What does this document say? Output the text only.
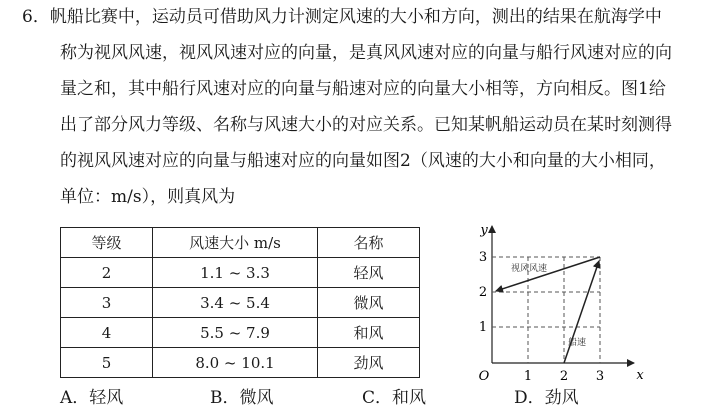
6．帆船比赛中，运动员可借助风力计测定风速的大小和方向，测出的结果在航海学中
称为视风风速，视风风速对应的向量，是真风风速对应的向量与船行风速对应的向
量之和，其中船行风速对应的向量与船速对应的向量大小相等，方向相反。图1给
出了部分风力等级、名称与风速大小的对应关系。已知某帆船运动员在某时刻测得
的视风风速对应的向量与船速对应的向量如图2（风速的大小和向量的大小相同，
单位：m/s），则真风为
等级	风速大小 m/s	名称
2	1.1 ~ 3.3	轻风
3	3.4 ~ 5.4	微风
4	5.5 ~ 7.9	和风
5	8.0 ~ 10.1	劲风
y
x
O	1 2 3
1
2
3
视风风速
船速
A．轻风	B．微风	C．和风	D．劲风
